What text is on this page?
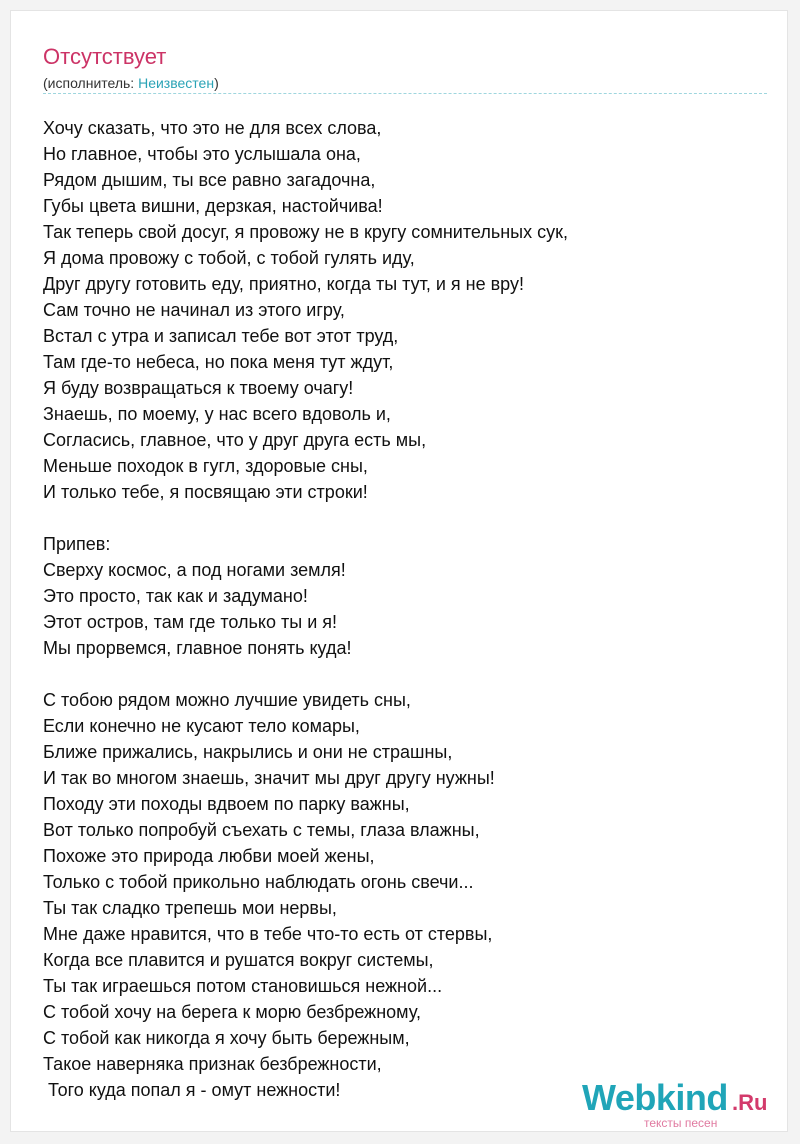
Отсутствует
(исполнитель: Неизвестен)
Хочу сказать, что это не для всех слова,
Но главное, чтобы это услышала она,
Рядом дышим, ты все равно загадочна,
Губы цвета вишни, дерзкая, настойчива!
Так теперь свой досуг, я провожу не в кругу сомнительных сук,
Я дома провожу с тобой, с тобой гулять иду,
Друг другу готовить еду, приятно, когда ты тут, и я не вру!
Сам точно не начинал из этого игру,
Встал с утра и записал тебе вот этот труд,
Там где-то небеса, но пока меня тут ждут,
Я буду возвращаться к твоему очагу!
Знаешь, по моему, у нас всего вдоволь и,
Согласись, главное, что у друг друга есть мы,
Меньше походок в гугл, здоровые сны,
И только тебе, я посвящаю эти строки!

Припев:
Сверху космос, а под ногами земля!
Это просто, так как и задумано!
Этот остров, там где только ты и я!
Мы прорвемся, главное понять куда!

С тобою рядом можно лучшие увидеть сны,
Если конечно не кусают тело комары,
Ближе прижались, накрылись и они не страшны,
И так во многом знаешь, значит мы друг другу нужны!
Походу эти походы вдвоем по парку важны,
Вот только попробуй съехать с темы, глаза влажны,
Похоже это природа любви моей жены,
Только с тобой прикольно наблюдать огонь свечи...
Ты так сладко трепешь мои нервы,
Мне даже нравится, что в тебе что-то есть от стервы,
Когда все плавится и рушатся вокруг системы,
Ты так играешься потом становишься нежной...
С тобой хочу на берега к морю безбрежному,
С тобой как никогда я хочу быть бережным,
Такое наверняка признак безбрежности,
Того куда попал я - омут нежности!	Webkind .Ru
тексты песен
